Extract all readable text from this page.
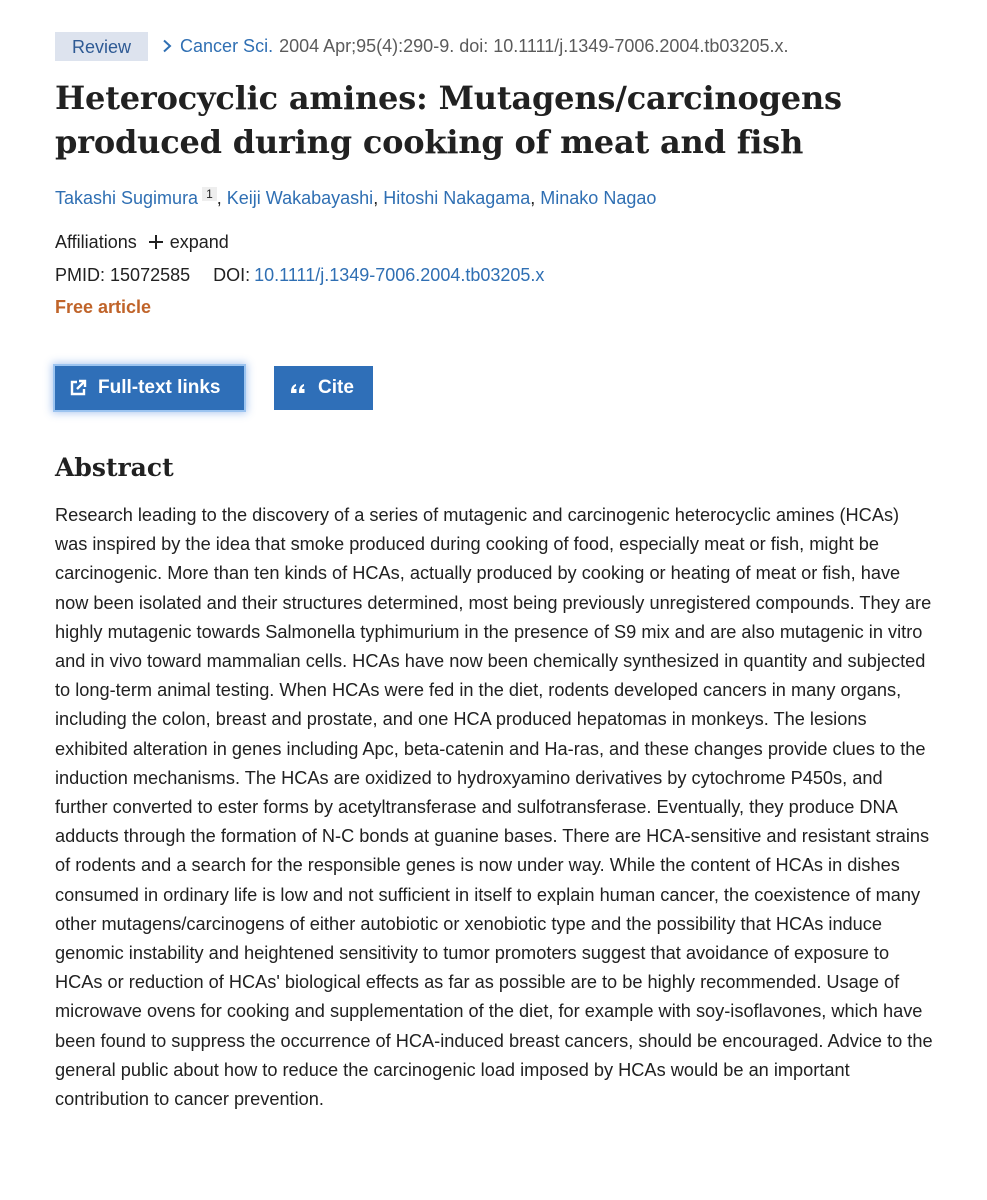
Review	Cancer Sci. 2004 Apr;95(4):290-9. doi: 10.1111/j.1349-7006.2004.tb03205.x.
Heterocyclic amines: Mutagens/carcinogens produced during cooking of meat and fish
Takashi Sugimura 1 , Keiji Wakabayashi, Hitoshi Nakagama, Minako Nagao
Affiliations expand
PMID: 15072585 DOI: 10.1111/j.1349-7006.2004.tb03205.x
Free article
Full-text links	Cite
Abstract
Research leading to the discovery of a series of mutagenic and carcinogenic heterocyclic amines (HCAs) was inspired by the idea that smoke produced during cooking of food, especially meat or fish, might be carcinogenic. More than ten kinds of HCAs, actually produced by cooking or heating of meat or fish, have now been isolated and their structures determined, most being previously unregistered compounds. They are highly mutagenic towards Salmonella typhimurium in the presence of S9 mix and are also mutagenic in vitro and in vivo toward mammalian cells. HCAs have now been chemically synthesized in quantity and subjected to long-term animal testing. When HCAs were fed in the diet, rodents developed cancers in many organs, including the colon, breast and prostate, and one HCA produced hepatomas in monkeys. The lesions exhibited alteration in genes including Apc, beta-catenin and Ha-ras, and these changes provide clues to the induction mechanisms. The HCAs are oxidized to hydroxyamino derivatives by cytochrome P450s, and further converted to ester forms by acetyltransferase and sulfotransferase. Eventually, they produce DNA adducts through the formation of N-C bonds at guanine bases. There are HCA-sensitive and resistant strains of rodents and a search for the responsible genes is now under way. While the content of HCAs in dishes consumed in ordinary life is low and not sufficient in itself to explain human cancer, the coexistence of many other mutagens/carcinogens of either autobiotic or xenobiotic type and the possibility that HCAs induce genomic instability and heightened sensitivity to tumor promoters suggest that avoidance of exposure to HCAs or reduction of HCAs' biological effects as far as possible are to be highly recommended. Usage of microwave ovens for cooking and supplementation of the diet, for example with soy-isoflavones, which have been found to suppress the occurrence of HCA-induced breast cancers, should be encouraged. Advice to the general public about how to reduce the carcinogenic load imposed by HCAs would be an important contribution to cancer prevention.
